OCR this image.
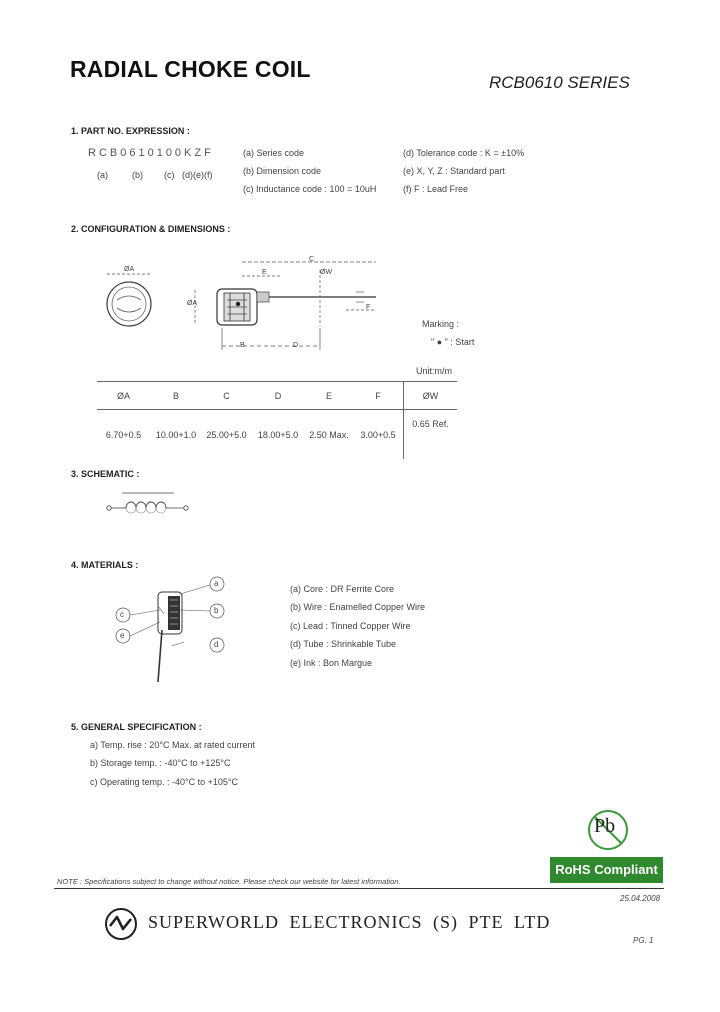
RADIAL CHOKE COIL
RCB0610 SERIES
1. PART NO. EXPRESSION :
RCB0610100KZF
(a)	(b) (c) (d)(e)(f)
(a) Series code
(b) Dimension code
(c) Inductance code : 100 = 10uH
(d) Tolerance code : K = ±10%
(e) X, Y, Z : Standard part
(f) F : Lead Free
2. CONFIGURATION & DIMENSIONS :
ØA
C
E	ØW
F
ØA
B	D
Marking :
" ● " : Start
Unit:m/m
ØA	B	C	D	E	F	ØW
6.70+0.5	10.00+1.0	25.00+5.0	18.00+5.0	2.50 Max.	3.00+0.5	0.65 Ref.
3. SCHEMATIC :
4. MATERIALS :
a
b
c
e
d
(a) Core : DR Ferrite Core
(b) Wire : Enamelled Copper Wire
(c) Lead : Tinned Copper Wire
(d) Tube : Shrinkable Tube
(e) Ink : Bon Margue
5. GENERAL SPECIFICATION :
a) Temp. rise : 20°C Max. at rated current
b) Storage temp. : -40°C to +125°C
c) Operating temp. : -40°C to +105°C
Pb
RoHS Compliant
NOTE : Specifications subject to change without notice. Please check our website for latest information.
25.04.2008
SUPERWORLD ELECTRONICS (S) PTE LTD
PG. 1
